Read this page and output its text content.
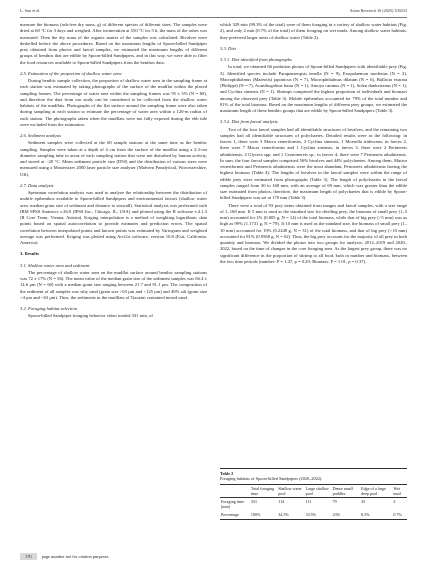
L. Sun et al.	Avian Research 16 (2025) 100233

measure the biomass (ash-free dry mass, g) of different species of different sizes. The samples were dried at 60 °C for 3 days and weighed. After incineration at 550 °C for 5 h, the mass of the ashes was measured. Then the dry mass of the organic matter of the samples was calculated. Bivalves were deshelled before the above procedures. Based on the maximum lengths of Spoon-billed Sandpiper prey obtained from photos and faecal samples, we estimated the maximum lengths of different groups of benthos that are edible by Spoon-billed Sandpipers, and in this way, we were able to filter the food resources available to Spoon-billed Sandpipers from the benthos data.

2.5. Estimation of the proportion of shallow water area

During benthic sample collection, the proportion of shallow water area in the sampling frame at each station was estimated by taking photographs of the surface of the mudflat within the placed sampling frames. The percentage of water area within the sampling frames was 95 ± 5% (N = 60), and therefore the data from our study can be considered to be collected from the shallow water habitats of the mudflats. Photographs of the flat surface around the sampling frame were also taken during sampling at each station to estimate the percentage of water area within a 120-m radius of each station. The photographs taken when the mudflats were not fully exposed during the ebb tide were excluded from the estimation.

2.6. Sediment analysis

Sediment samples were collected at the 60 sample stations at the same time as the benthic sampling. Samples were taken at a depth of 4 cm from the surface of the mudflat using a 2.3-cm diameter sampling tube in areas of each sampling station that were not disturbed by human activity, and stored at −20 °C. Mean sediment particle size (D50) and the distribution of various sizes were measured using a Mastersizer 2000 laser particle size analyser (Malvern Panalytical, Worcestershire, UK).

2.7. Data analysis

Spearman correlation analysis was used to analyze the relationship between the distribution of mobile epibenthos available to Spoon-billed Sandpipers and environmental factors (shallow water area, median grain size of sediment and distance to seawall). Statistical analysis was performed with IBM SPSS Statistics v.26.0 (IPSS Inc., Chicago, IL, USA) and plotted using the R software v.4.1.3 (R Core Team, Vienna, Austria). Kriging interpolation is a method of weighting logarithmic data points based on spatial autocorrelation to provide estimates and prediction errors. The spatial correlation between interpolated points and known points was estimated by Variogram and weighted average was performed. Kriging was plotted using ArcGis software, version 10.8 (Esri, California, America).

3. Results

3.1. Shallow water area and sediment

The percentage of shallow water area on the mudflat surface around benthic sampling stations was 72 ± 17% (N = 56). The mean value of the median grain size of the sediment samples was 66.4 ± 14.6 μm (N = 60) with a median grain size ranging between 21.7 and 91.1 μm. The composition of the sediment of all samples was silty sand (grain size >63 μm and <125 μm) and 40% silt (grain size >4 μm and <63 μm). Thus, the sediments in the mudflats of Tiaozini contained mixed sand.

3.2. Foraging habitat selection

Spoon-billed Sandpiper foraging behavior video totaled 331 min, of

which 329 min (99.3% of the total) were of them foraging in a variety of shallow water habitats (Fig. 2), and only 2 min (0.7% of the total) of them foraging on wet muds. Among shallow water habitats, they preferred larger areas of shallow water (Table 2).

3.3. Diet

3.3.1. Diet identified from photographs

In total, we obtained 66 predation photos of Spoon-billed Sandpipers with identifiable prey (Fig. 3). Identified species include Parapenaeopsis tenella (N = 9), Exopalaemon modestus (N = 2), Macrophthalmus (Mareotis) japonicus (N = 7), Macrophthalmus dilatum (N = 6), Bullacta exarata (Philippi) (N = 7), Acanthogobius hasta (N = 1), Amoya caninus (N = 1), Solen dunkerianus (N = 1), and Cyclina sinensis (N = 1). Shrimps comprised the highest proportion of individuals and biomass among the observed prey (Table 3). Mobile epibenthos accounted for 79% of the total number and 81% of the total biomass. Based on the maximum lengths of different prey groups, we estimated the maximum length of these benthic groups that are edible by Spoon-billed Sandpipers (Table 3).

3.3.2. Diet from faecal analysis

Two of the four faecal samples had all identifiable structures of bivalves, and the remaining two samples had all identifiable structures of polychaetes. Detailed results were as the following: in faeces 1, there were 3 Macra veneriformis, 3 Cyclina sinensis, 1 Moerella iridescens; in faeces 2, there were 7 Macra veneriformis and 1 Cyclina sinensis; in faeces 3, there were 2 Perinereis aibuhitensis, 2 Glycera spp. and 1 Ceratonereis sp.; in faeces 4, there were 7 Perinereis aibuhitensis. In sum, the four faecal samples comprised 56% bivalves and 44% polychaetes. Among them, Mactra veneriformis and Perinereis aibuhitensis were the most abundant, Perinereis aibuhitensis having the highest biomass (Table 4). The lengths of bivalves in the faecal samples were within the range of edible prey sizes estimated from photographs (Table 3). The length of polychaetes in the faecal samples ranged from 30 to 168 mm, with an average of 69 mm, which was greater than the edible size estimated from photos; therefore, the maximum length of polychaetes that is edible by Spoon-billed Sandpipers was set at 170 mm (Table 3).

There were a total of 93 prey items obtained from images and faecal samples, with a size range of 1–168 mm. If 5 mm is used as the standard size for dividing prey, the biomass of small prey (1–5 mm) accounted for 1% (0.005 g, N = 14) of the total biomass, while that of big prey (>5 mm) was as high as 99% (1.1731 g, N = 79). If 10 mm is used as the standard size, the biomass of small prey (1–10 mm) accounted for 19% (0.2248 g, N = 31) of the total biomass, and that of big prey (>10 mm) accounted for 81% (0.9568 g, N = 62). Thus, the big prey accounts for the majority of all prey in both quantity and biomass. We divided the photos into two groups for analysis: 2012–2019 and 2020–2022, based on the time of changes in the core foraging area. As the largest prey group, there was no significant difference in the proportion of shrimp to all food, both in number and biomass, between the two time periods (number: F = 1.47, p = 0.29; Biomass: F = 1.01, p = 0.37).

Table 2
Foraging habitats of Spoon-billed Sandpipers (2020–2022).
	Total foraging time	Shallow water pool	Large shallow pool	Dense small puddles	Edge of a large deep pool	Wet mud
Foraging time (min)	331	114	111	79	25	2
Percentage	100%	34.5%	33.5%	23%	8.3%	0.7%
170 page number not for citation purposes
